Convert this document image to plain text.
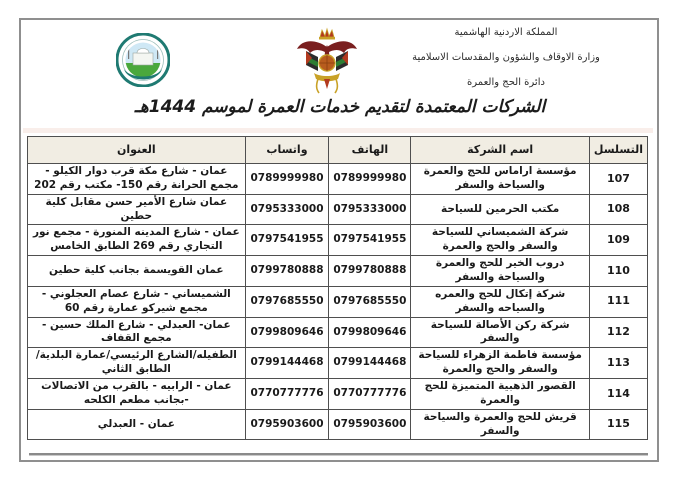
المملكة الاردنية الهاشمية
وزارة الاوقاف والشؤون والمقدسات الاسلامية
دائرة الحج والعمرة
الشركات المعتمدة لتقديم خدمات العمرة لموسم 1444هـ
التسلسل	اسم الشركة	الهاتف	واتساب	العنوان
107	مؤسسة اراماس للحج والعمرة والسياحة والسفر	0789999980	0789999980	عمان - شارع مكة قرب دوار الكيلو - مجمع الحرانة رقم 150- مكتب رقم 202
108	مكتب الحرمين للسياحة	0795333000	0795333000	عمان شارع الأمير حسن مقابل كلية حطين
109	شركة الشميساني للسياحة والسفر والحج والعمرة	0797541955	0797541955	عمان - شارع المدينه المنورة - مجمع نور التجاري رقم 269 الطابق الخامس
110	دروب الخير للحج والعمرة والسياحة والسفر	0799780888	0799780888	عمان القويسمة بجانب كلية حطين
111	شركة إتكال للحج والعمره والسياحه والسفر	0797685550	0797685550	الشميساني - شارع عصام العجلوني - مجمع شيركو عمارة رقم 60
112	شركة ركن الأصالة للسياحة والسفر	0799809646	0799809646	عمان- العبدلي - شارع الملك حسين - مجمع القفاف
113	مؤسسة فاطمة الزهراء للسياحة والسفر والحج والعمرة	0799144468	0799144468	الطفيله/الشارع الرئيسي/عمارة البلدية/ الطابق الثاني
114	القصور الذهبية المتميزة للحج والعمرة	0770777776	0770777776	عمان - الرابيه - بالقرب من الاتصالات -بجانب مطعم الكلحه
115	قريش للحج والعمرة والسياحة والسفر	0795903600	0795903600	عمان - العبدلي
